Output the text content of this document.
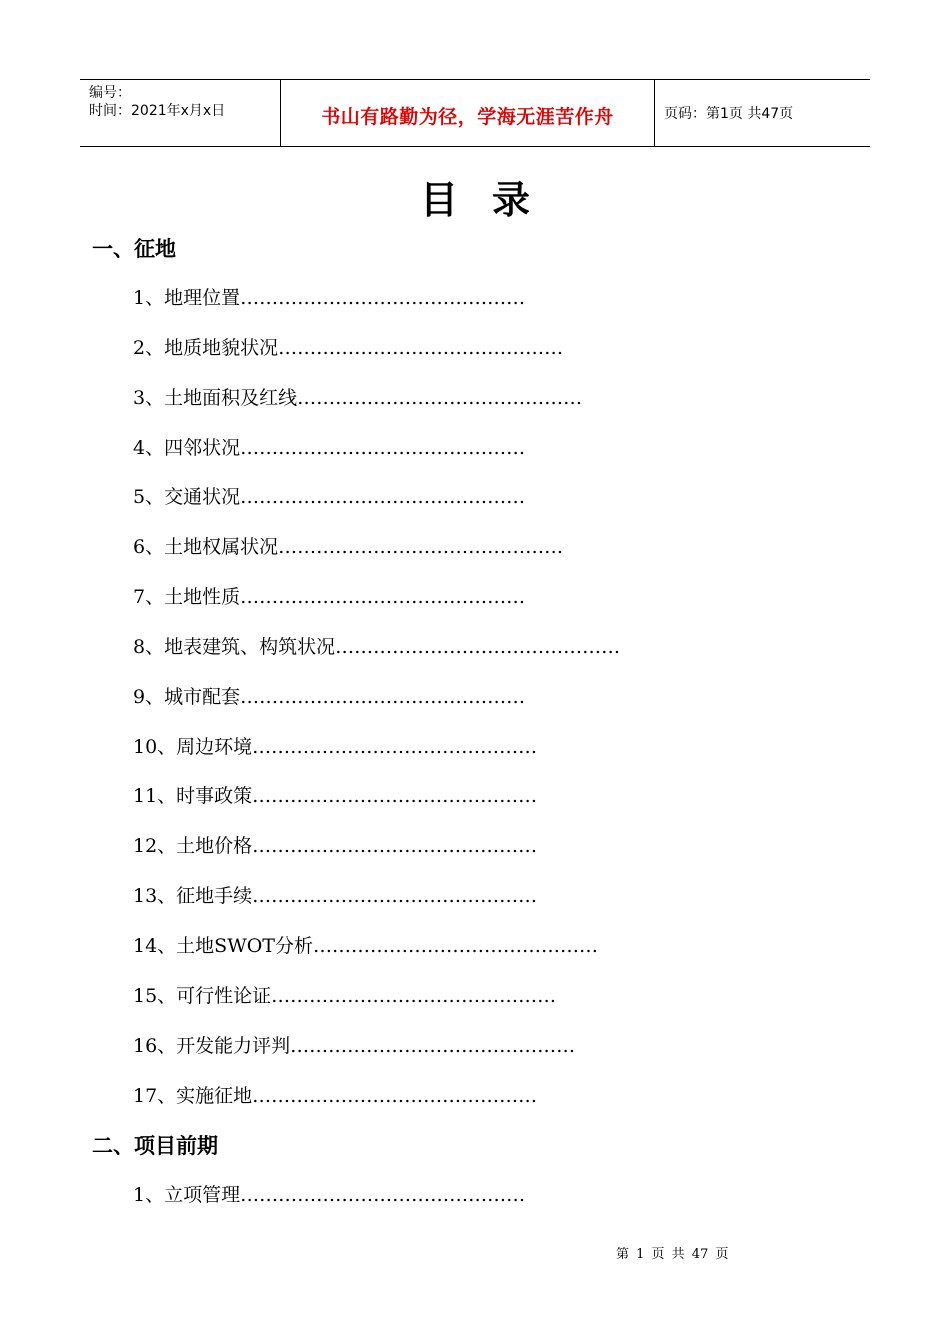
编号：
时间：2021年x月x日	书山有路勤为径，学海无涯苦作舟	页码：第1页 共47页
目录
一、征地
1、地理位置………………………………………
2、地质地貌状况………………………………………
3、土地面积及红线………………………………………
4、四邻状况………………………………………
5、交通状况………………………………………
6、土地权属状况………………………………………
7、土地性质………………………………………
8、地表建筑、构筑状况………………………………………
9、城市配套………………………………………
10、周边环境………………………………………
11、时事政策………………………………………
12、土地价格………………………………………
13、征地手续………………………………………
14、土地SWOT分析………………………………………
15、可行性论证………………………………………
16、开发能力评判………………………………………
17、实施征地………………………………………
二、项目前期
1、立项管理………………………………………
第 1 页 共 47 页
